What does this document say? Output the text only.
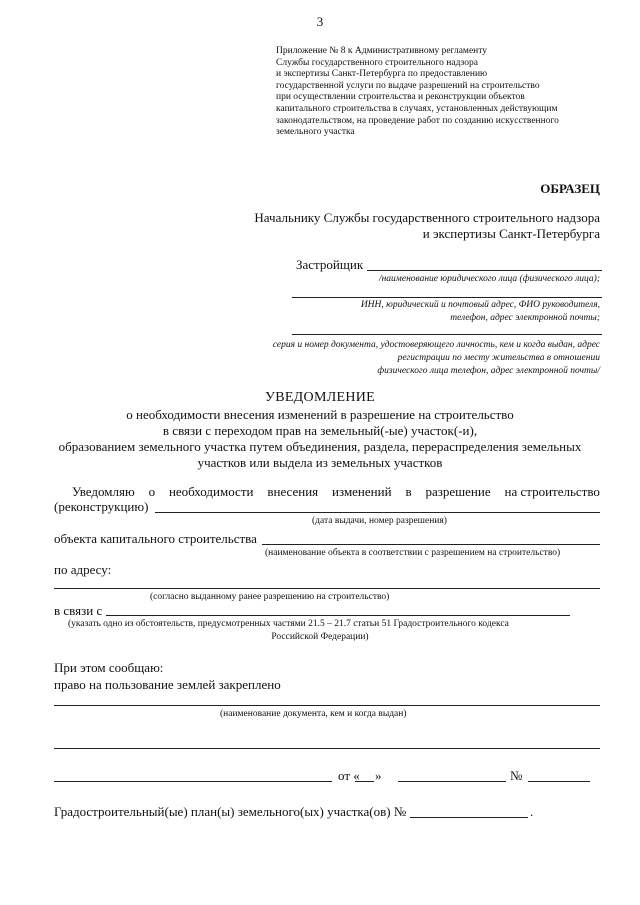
3
Приложение № 8 к Административному регламенту
Службы государственного строительного надзора
и экспертизы Санкт-Петербурга по предоставлению
государственной услуги по выдаче разрешений на строительство
при осуществлении строительства и реконструкции объектов
капитального строительства в случаях, установленных действующим
законодательством, на проведение работ по созданию искусственного
земельного участка
ОБРАЗЕЦ
Начальнику Службы государственного строительного надзора
и экспертизы Санкт-Петербурга
Застройщик
/наименование юридического лица (физического лица);
ИНН, юридический и почтовый адрес, ФИО руководителя,
телефон, адрес электронной почты;
серия и номер документа, удостоверяющего личность, кем и когда выдан, адрес
регистрации по месту жительства в отношении
физического лица телефон, адрес электронной почты/
УВЕДОМЛЕНИЕ
о необходимости внесения изменений в разрешение на строительство
в связи с переходом прав на земельный(-ые) участок(-и),
образованием земельного участка путем объединения, раздела, перераспределения земельных
участков или выдела из земельных участков
Уведомляю о необходимости внесения изменений в разрешение на строительство
(реконструкцию)
(дата выдачи, номер разрешения)
объекта капитального строительства
(наименование объекта в соответствии с разрешением на строительство)
по адресу:
(согласно выданному ранее разрешению на строительство)
в связи с
(указать одно из обстоятельств, предусмотренных частями 21.5 – 21.7 статьи 51 Градостроительного кодекса
Российской Федерации)
При этом сообщаю:
право на пользование землей закреплено
(наименование документа, кем и когда выдан)
от « »	№
Градостроительный(ые) план(ы) земельного(ых) участка(ов) №	.
